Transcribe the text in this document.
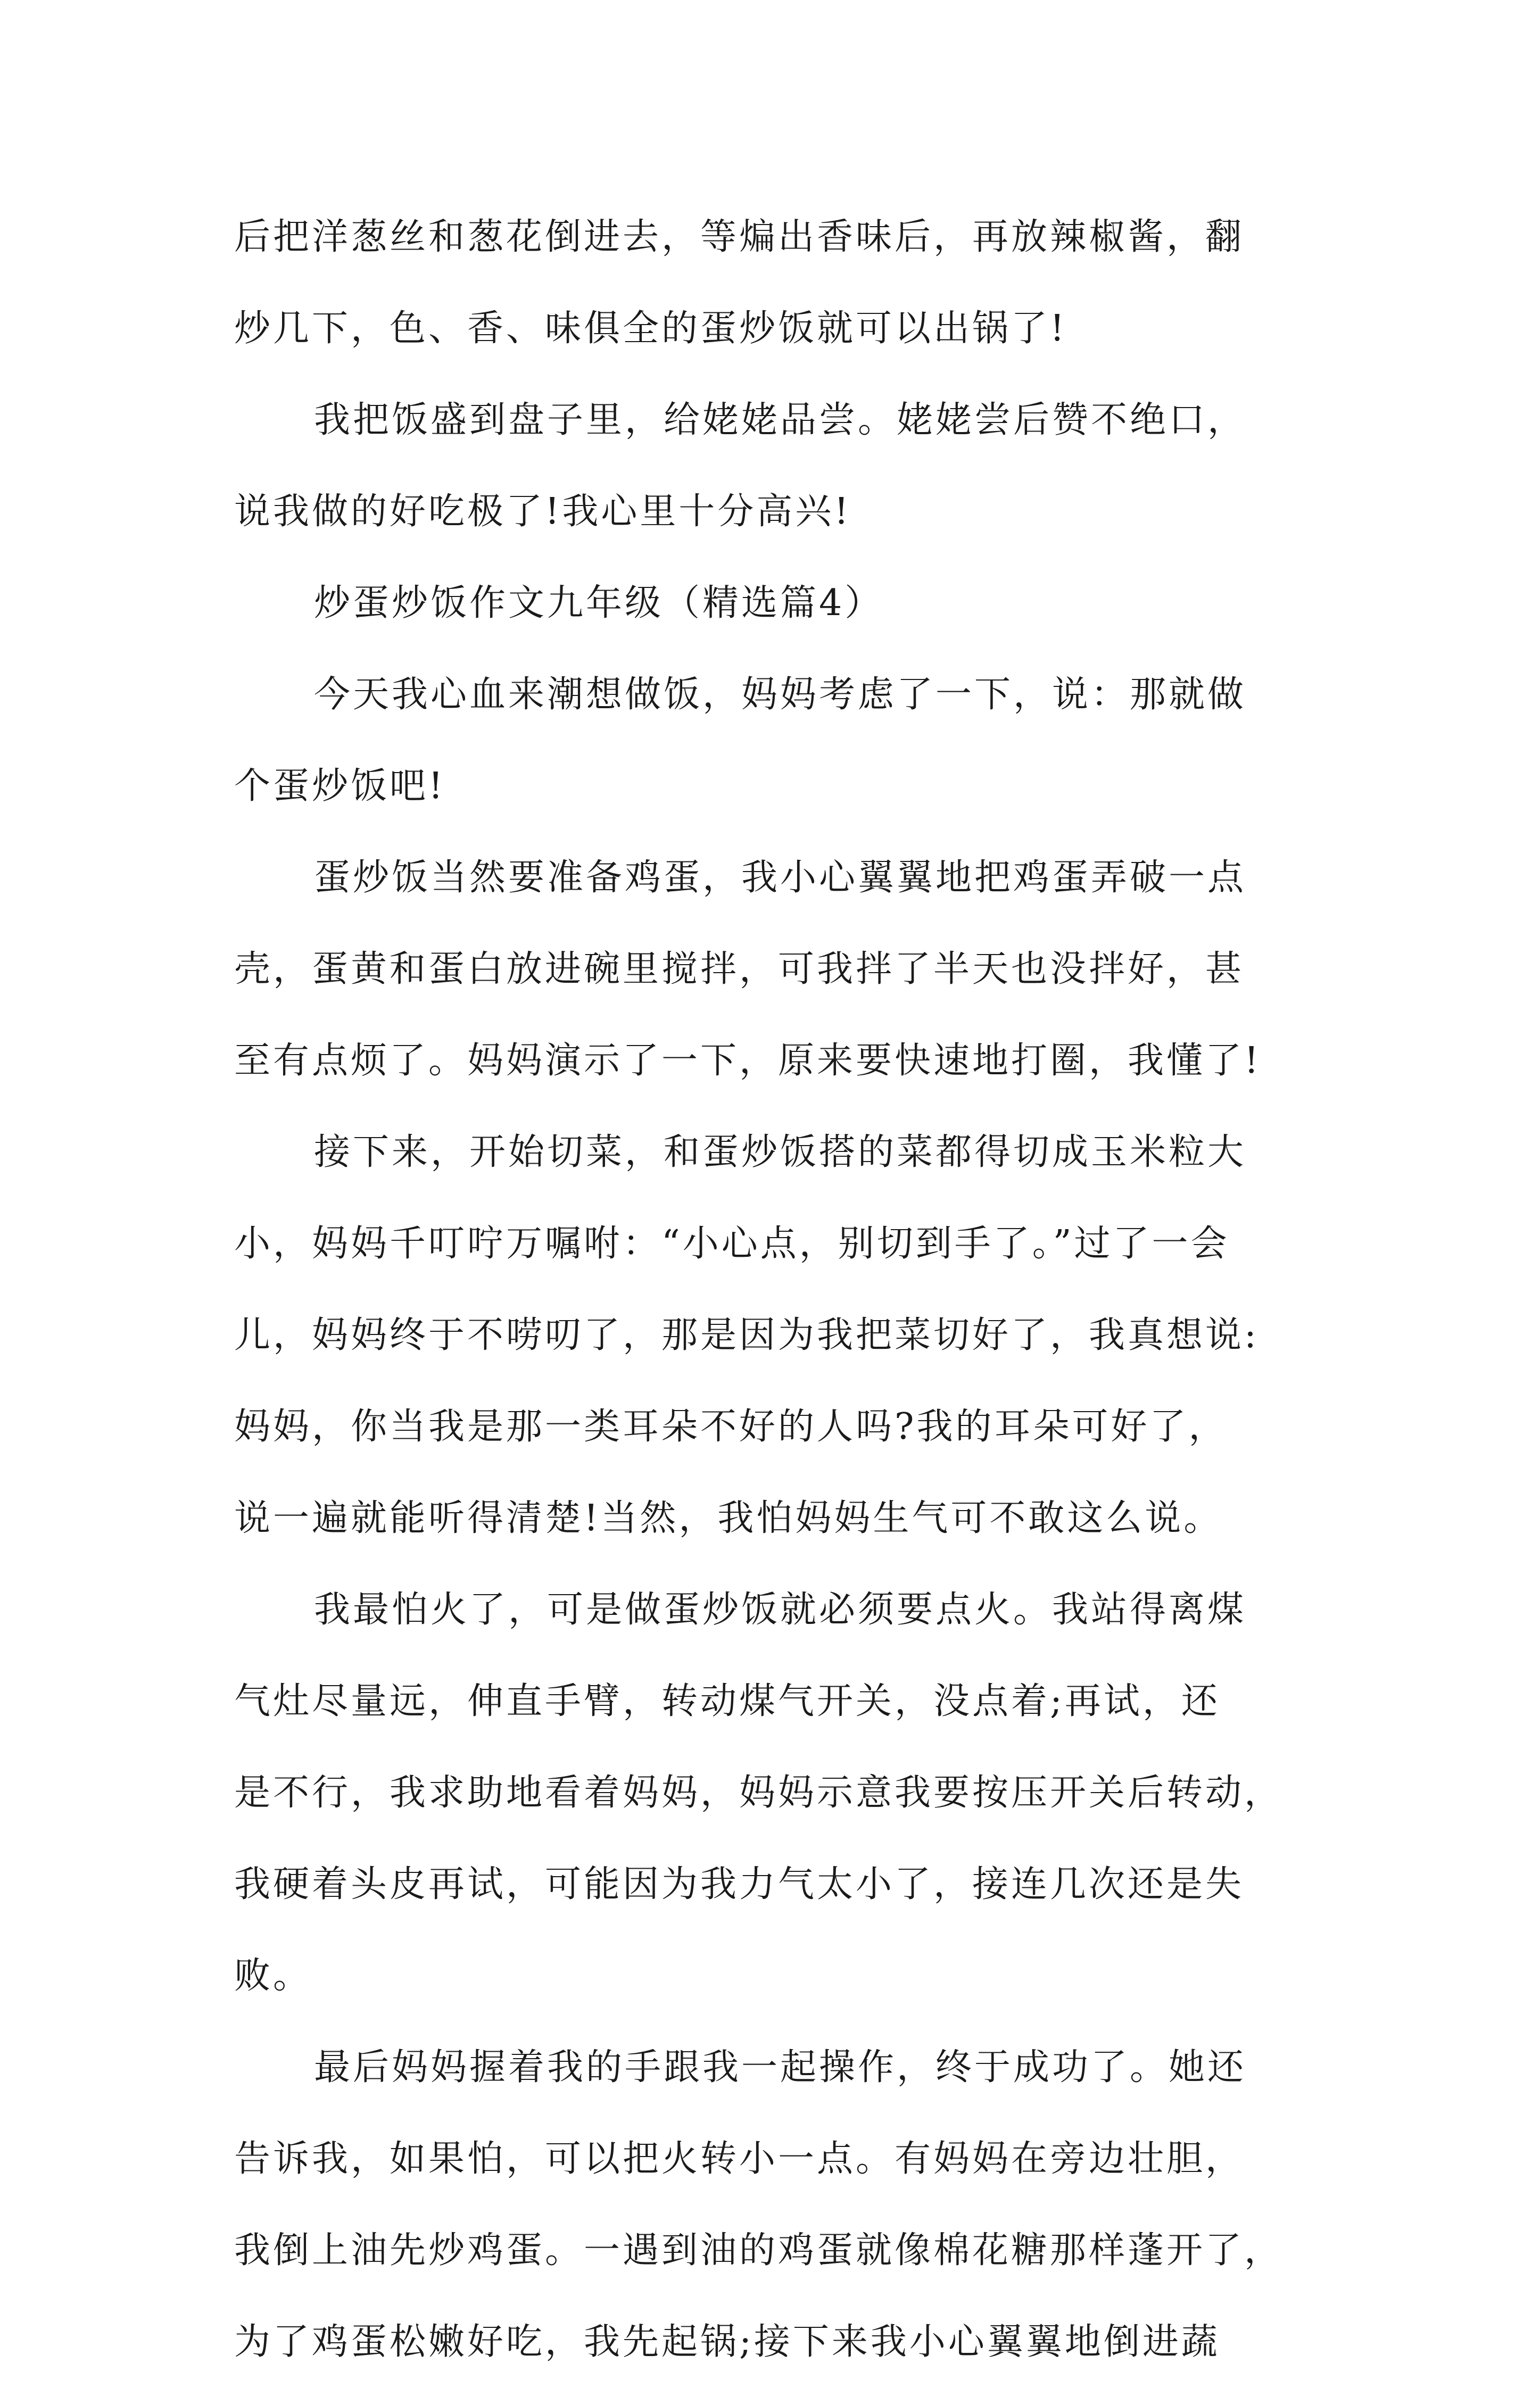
后把洋葱丝和葱花倒进去，等煸出香味后，再放辣椒酱，翻
炒几下，色、香、味俱全的蛋炒饭就可以出锅了!
我把饭盛到盘子里，给姥姥品尝。姥姥尝后赞不绝口，
说我做的好吃极了!我心里十分高兴!
炒蛋炒饭作文九年级（精选篇4）
今天我心血来潮想做饭，妈妈考虑了一下，说：那就做
个蛋炒饭吧!
蛋炒饭当然要准备鸡蛋，我小心翼翼地把鸡蛋弄破一点
壳，蛋黄和蛋白放进碗里搅拌，可我拌了半天也没拌好，甚
至有点烦了。妈妈演示了一下，原来要快速地打圈，我懂了!
接下来，开始切菜，和蛋炒饭搭的菜都得切成玉米粒大
小，妈妈千叮咛万嘱咐：“小心点，别切到手了。”过了一会
儿，妈妈终于不唠叨了，那是因为我把菜切好了，我真想说:
妈妈，你当我是那一类耳朵不好的人吗?我的耳朵可好了，
说一遍就能听得清楚!当然，我怕妈妈生气可不敢这么说。
我最怕火了，可是做蛋炒饭就必须要点火。我站得离煤
气灶尽量远，伸直手臂，转动煤气开关，没点着;再试，还
是不行，我求助地看着妈妈，妈妈示意我要按压开关后转动，
我硬着头皮再试，可能因为我力气太小了，接连几次还是失
败。
最后妈妈握着我的手跟我一起操作，终于成功了。她还
告诉我，如果怕，可以把火转小一点。有妈妈在旁边壮胆，
我倒上油先炒鸡蛋。一遇到油的鸡蛋就像棉花糖那样蓬开了，
为了鸡蛋松嫩好吃，我先起锅;接下来我小心翼翼地倒进蔬
